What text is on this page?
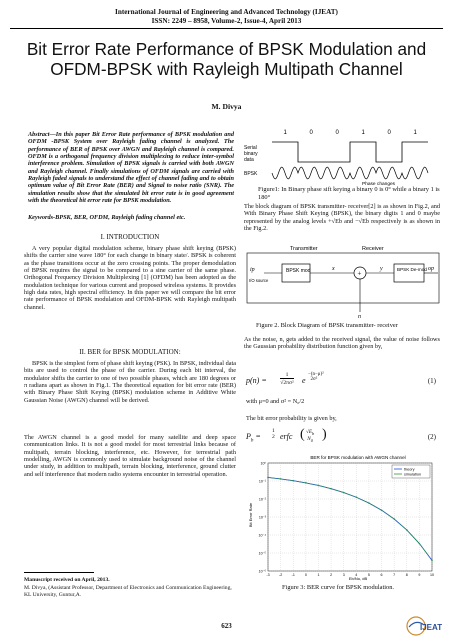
International Journal of Engineering and Advanced Technology (IJEAT)
ISSN: 2249 – 8958, Volume-2, Issue-4, April 2013
Bit Error Rate Performance of BPSK Modulation and OFDM-BPSK with Rayleigh Multipath Channel
M. Divya
Abstract—In this paper Bit Error Rate performance of BPSK modulation and OFDM -BPSK System over Rayleigh fading channel is analyzed. The performance of BER of BPSK over AWGN and Rayleigh channel is compared. OFDM is a orthogonal frequency division multiplexing to reduce inter-symbol interference problem. Simulation of BPSK signals is carried with both AWGN and Rayleigh channel. Finally simulations of OFDM signals are carried with Rayleigh faded signals to understand the effect of channel fading and to obtain optimum value of Bit Error Rate (BER) and Signal to noise ratio (SNR). The simulation results show that the simulated bit error rate is in good agreement with the theoretical bit error rate for BPSK modulation.
Keywords-BPSK, BER, OFDM, Rayleigh fading channel etc.
I. INTRODUCTION
A very popular digital modulation scheme, binary phase shift keying (BPSK) shifts the carrier sine wave 180° for each change in binary state/. BPSK is coherent as the phase transitions occur at the zero crossing points. The proper demodulation of BPSK requires the signal to be compared to a sine carrier of the same phase. Orthogonal Frequency Division Multiplexing [1] (OFDM) has been adopted as the modulation technique for various current and proposed wireless systems. It provides high data rates, high spectral efficiency. In this paper we will compare the bit error rate performance of BPSK modulation and OFDM-BPSK with Rayleigh multipath channel.
II. BER for BPSK MODULATION:
BPSK is the simplest form of phase shift keying (PSK). In BPSK, individual data bits are used to control the phase of the carrier. During each bit interval, the modulator shifts the carrier to one of two possible phases, which are 180 degrees or π radians apart as shown in Fig.1. The theoretical equation for bit error rate (BER) with Binary Phase Shift Keying (BPSK) modulation scheme in Additive White Gaussian Noise (AWGN) channel will be derived.
The AWGN channel is a good model for many satellite and deep space communication links. It is not a good model for most terrestrial links because of multipath, terrain blocking, interference, etc. However, for terrestrial path modelling, AWGN is commonly used to simulate background noise of the channel under study, in addition to multipath, terrain blocking, interference, ground clutter and self interference that modern radio systems encounter in terrestrial operation.
Manuscript received on April, 2013.
M. Divya, (Assistant Professor, Department of Electronics and Communication Engineering, KL University, Guntur,A.
623
Serial
binary
data
BPSK
1	0	0	1	0	1
Phase changes
Figure1: In Binary phase sift keying a binary 0 is 0° while a binary 1 is 180°
The block diagram of BPSK transmitter- receiver[2] is as shown in Fig.2, and With Binary Phase Shift Keying (BPSK), the binary digits 1 and 0 maybe represented by the analog levels +√Eb and −√Eb respectively is as shown in the Fig.2.
Transmitter	Receiver
ip
I/O source
BPSK mod	x
+
n
y	BPSK De-mod op
Figure 2. Block Diagram of BPSK transmitter- receiver
As the noise, n, gets added to the received signal, the value of noise follows the Gaussian probability distribution function given by,
p(n) =
1
√2πσ²	e
−(n−μ)²
2σ²	(1)
with μ=0 and σ² = N₀/2
The bit error probability is given by,
$P_b$ =
1
2 erfc ( $√E_b$
$N_0$ )	(2)
BER for BPSK modulation with AWGN channel
Bit Error Rate
Eb/No, dB
10⁻⁶
10⁻⁵
10⁻⁴
10⁻³
10⁻²
10⁻¹
10⁰
-3	-2	-1	0	1	2	3	4	5	6	7	8	9	10
theory
simulation
Figure 3: BER curve for BPSK modulation.
IJEAT
